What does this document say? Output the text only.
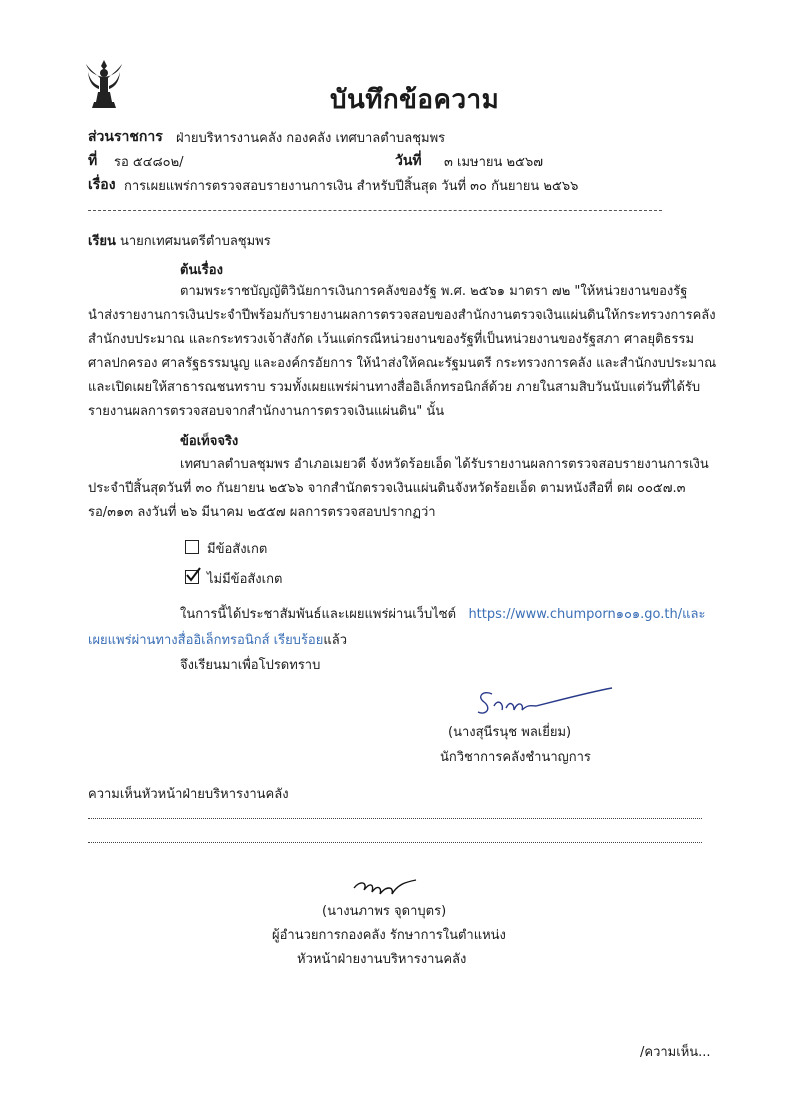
บันทึกข้อความ
ส่วนราชการ ฝ่ายบริหารงานคลัง กองคลัง เทศบาลตำบลชุมพร
ที่ รอ ๕๔๘๐๒/	วันที่ ๓ เมษายน ๒๕๖๗
เรื่อง การเผยแพร่การตรวจสอบรายงานการเงิน สำหรับปีสิ้นสุด วันที่ ๓๐ กันยายน ๒๕๖๖
เรียน นายกเทศมนตรีตำบลชุมพร
ต้นเรื่อง
ตามพระราชบัญญัติวินัยการเงินการคลังของรัฐ พ.ศ. ๒๕๖๑ มาตรา ๗๒ "ให้หน่วยงานของรัฐ
นำส่งรายงานการเงินประจำปีพร้อมกับรายงานผลการตรวจสอบของสำนักงานตรวจเงินแผ่นดินให้กระทรวงการคลัง
สำนักงบประมาณ และกระทรวงเจ้าสังกัด เว้นแต่กรณีหน่วยงานของรัฐที่เป็นหน่วยงานของรัฐสภา ศาลยุติธรรม
ศาลปกครอง ศาลรัฐธรรมนูญ และองค์กรอัยการ ให้นำส่งให้คณะรัฐมนตรี กระทรวงการคลัง และสำนักงบประมาณ
และเปิดเผยให้สาธารณชนทราบ รวมทั้งเผยแพร่ผ่านทางสื่ออิเล็กทรอนิกส์ด้วย ภายในสามสิบวันนับแต่วันที่ได้รับ
รายงานผลการตรวจสอบจากสำนักงานการตรวจเงินแผ่นดิน" นั้น
ข้อเท็จจริง
เทศบาลตำบลชุมพร อำเภอเมยวดี จังหวัดร้อยเอ็ด ได้รับรายงานผลการตรวจสอบรายงานการเงิน
ประจำปีสิ้นสุดวันที่ ๓๐ กันยายน ๒๕๖๖ จากสำนักตรวจเงินแผ่นดินจังหวัดร้อยเอ็ด ตามหนังสือที่ ตผ ๐๐๕๗.๓
รอ/๓๑๓ ลงวันที่ ๒๖ มีนาคม ๒๕๕๗ ผลการตรวจสอบปรากฏว่า
มีข้อสังเกต
ไม่มีข้อสังเกต
ในการนี้ได้ประชาสัมพันธ์และเผยแพร่ผ่านเว็บไซต์ https://www.chumporn๑๐๑.go.th/และ
เผยแพร่ผ่านทางสื่ออิเล็กทรอนิกส์ เรียบร้อยแล้ว
จึงเรียนมาเพื่อโปรดทราบ
(นางสุนีรนุช พลเยี่ยม)
นักวิชาการคลังชำนาญการ
ความเห็นหัวหน้าฝ่ายบริหารงานคลัง
(นางนภาพร จุดาบุตร)
ผู้อำนวยการกองคลัง รักษาการในตำแหน่ง
หัวหน้าฝ่ายงานบริหารงานคลัง
/ความเห็น...
